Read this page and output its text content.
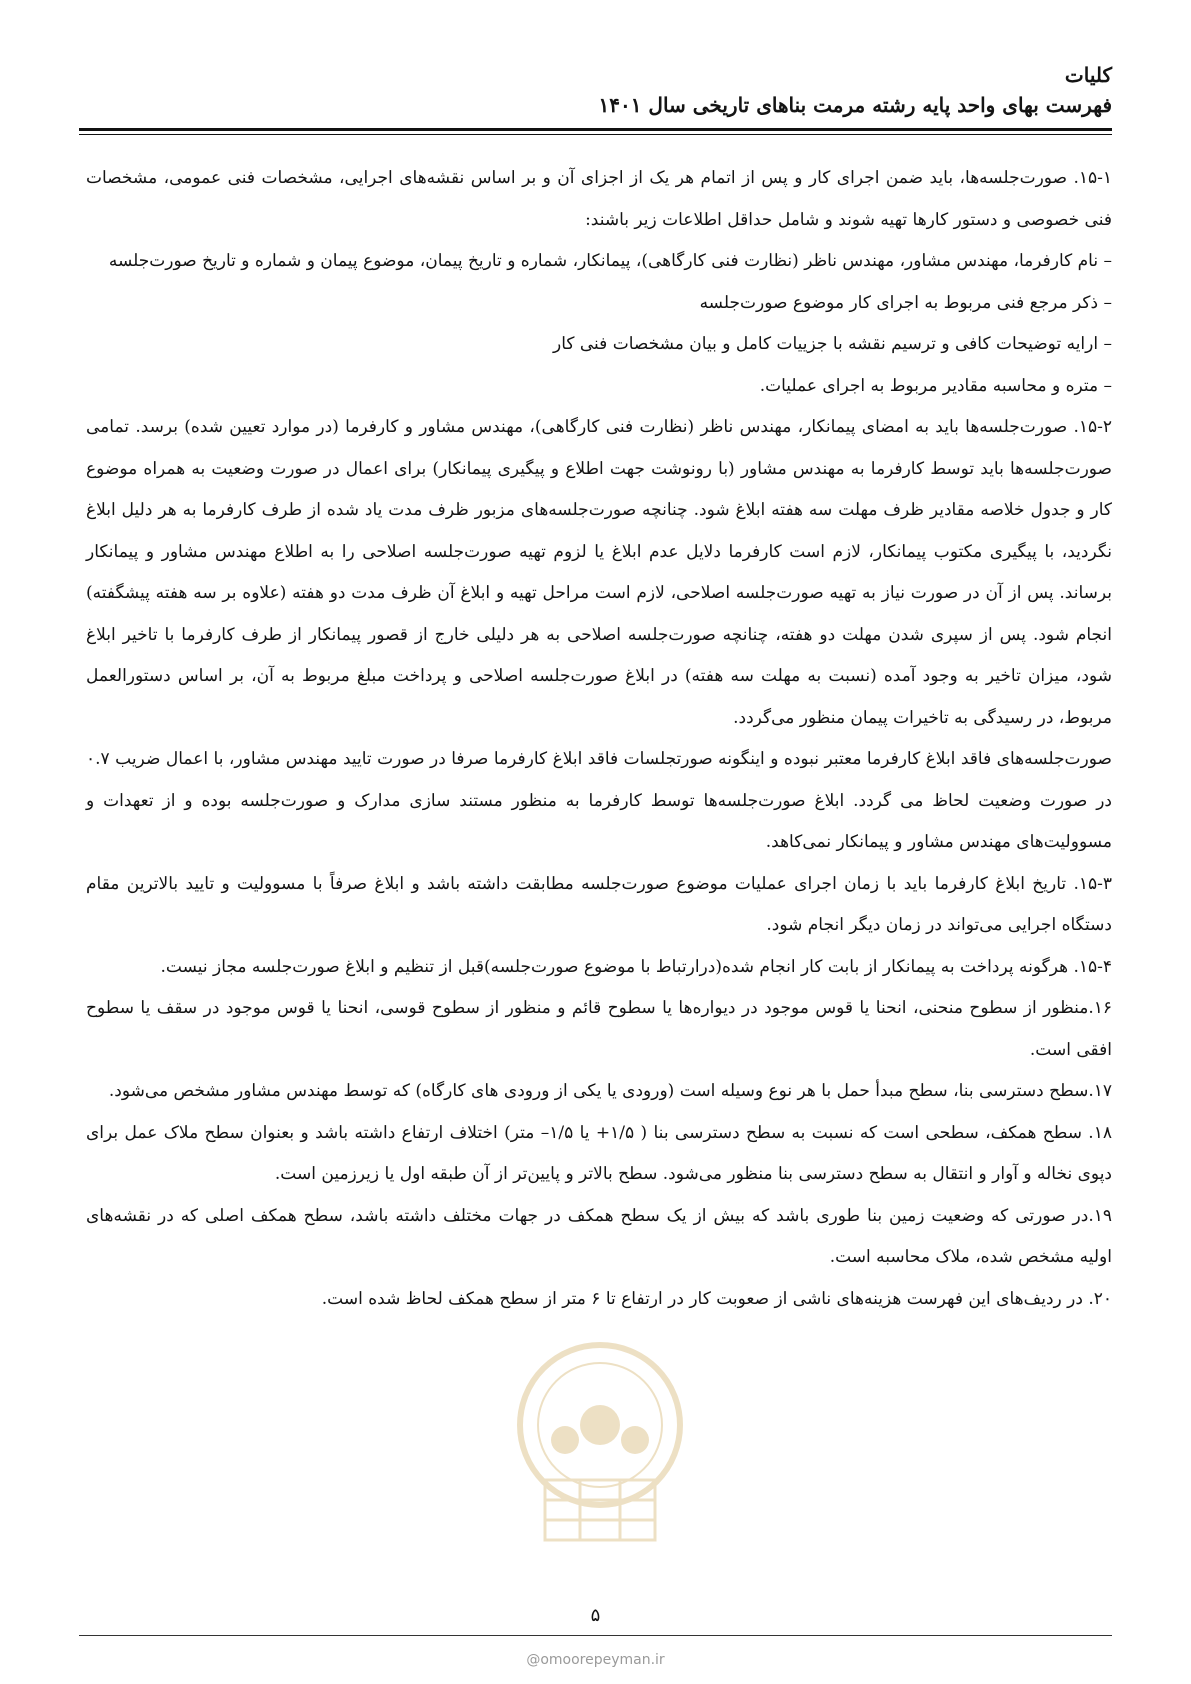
کلیات
فهرست بهای واحد پایه رشته مرمت بناهای تاریخی سال ۱۴۰۱

۱۵-۱. صورت‌جلسه‌ها، باید ضمن اجرای کار و پس از اتمام هر یک از اجزای آن و بر اساس نقشه‌های اجرایی، مشخصات فنی عمومی، مشخصات فنی خصوصی و دستور کارها تهیه شوند و شامل حداقل اطلاعات زیر باشند:

– نام کارفرما، مهندس مشاور، مهندس ناظر (نظارت فنی کارگاهی)، پیمانکار، شماره و تاریخ پیمان، موضوع پیمان و شماره و تاریخ صورت‌جلسه

– ذکر مرجع فنی مربوط به اجرای کار موضوع صورت‌جلسه

– ارایه توضیحات کافی و ترسیم نقشه با جزییات کامل و بیان مشخصات فنی کار

– متره و محاسبه مقادیر مربوط به اجرای عملیات.

۱۵-۲. صورت‌جلسه‌ها باید به امضای پیمانکار، مهندس ناظر (نظارت فنی کارگاهی)، مهندس مشاور و کارفرما (در موارد تعیین شده) برسد. تمامی صورت‌جلسه‌ها باید توسط کارفرما به مهندس مشاور (با رونوشت جهت اطلاع و پیگیری پیمانکار) برای اعمال در صورت وضعیت به همراه موضوع کار و جدول خلاصه مقادیر ظرف مهلت سه هفته ابلاغ شود. چنانچه صورت‌جلسه‌های مزبور ظرف مدت یاد شده از طرف کارفرما به هر دلیل ابلاغ نگردید، با پیگیری مکتوب پیمانکار، لازم است کارفرما دلایل عدم ابلاغ یا لزوم تهیه صورت‌جلسه اصلاحی را به اطلاع مهندس مشاور و پیمانکار برساند. پس از آن در صورت نیاز به تهیه صورت‌جلسه اصلاحی، لازم است مراحل تهیه و ابلاغ آن ظرف مدت دو هفته (علاوه بر سه هفته پیشگفته) انجام شود. پس از سپری شدن مهلت دو هفته، چنانچه صورت‌جلسه اصلاحی به هر دلیلی خارج از قصور پیمانکار از طرف کارفرما با تاخیر ابلاغ شود، میزان تاخیر به وجود آمده (نسبت به مهلت سه هفته) در ابلاغ صورت‌جلسه اصلاحی و پرداخت مبلغ مربوط به آن، بر اساس دستورالعمل مربوط، در رسیدگی به تاخیرات پیمان منظور می‌گردد.

صورت‌جلسه‌های فاقد ابلاغ کارفرما معتبر نبوده و اینگونه صورتجلسات فاقد ابلاغ کارفرما صرفا در صورت تایید مهندس مشاور، با اعمال ضریب ۰.۷ در صورت وضعیت لحاظ می گردد. ابلاغ صورت‌جلسه‌ها توسط کارفرما به منظور مستند سازی مدارک و صورت‌جلسه بوده و از تعهدات و مسوولیت‌های مهندس مشاور و پیمانکار نمی‌کاهد.

۱۵-۳. تاریخ ابلاغ کارفرما باید با زمان اجرای عملیات موضوع صورت‌جلسه مطابقت داشته باشد و ابلاغ صرفاً با مسوولیت و تایید بالاترین مقام دستگاه اجرایی می‌تواند در زمان دیگر انجام شود.

۱۵-۴. هرگونه پرداخت به پیمانکار از بابت کار انجام شده(درارتباط با موضوع صورت‌جلسه)قبل از تنظیم و ابلاغ صورت‌جلسه مجاز نیست.

۱۶.منظور از سطوح منحنی، انحنا یا قوس موجود در دیواره‌ها یا سطوح قائم و منظور از سطوح قوسی، انحنا یا قوس موجود در سقف یا سطوح افقی است.

۱۷.سطح دسترسی بنا، سطح مبدأ حمل با هر نوع وسیله است (ورودی یا یکی از ورودی های کارگاه) که توسط مهندس مشاور مشخص می‌شود.

۱۸. سطح همکف، سطحی است که نسبت به سطح دسترسی بنا ( ۱/۵+ یا ۱/۵– متر) اختلاف ارتفاع داشته باشد و بعنوان سطح ملاک عمل برای دپوی نخاله و آوار و انتقال به سطح دسترسی بنا منظور می‌شود. سطح بالاتر و پایین‌تر از آن طبقه اول یا زیرزمین است.

۱۹.در صورتی که وضعیت زمین بنا طوری باشد که بیش از یک سطح همکف در جهات مختلف داشته باشد، سطح همکف اصلی که در نقشه‌های اولیه مشخص شده، ملاک محاسبه است.

۲۰. در ردیف‌های این فهرست هزینه‌های ناشی از صعوبت کار در ارتفاع تا ۶ متر از سطح همکف لحاظ شده است.

۵
@omoorepeyman.ir
